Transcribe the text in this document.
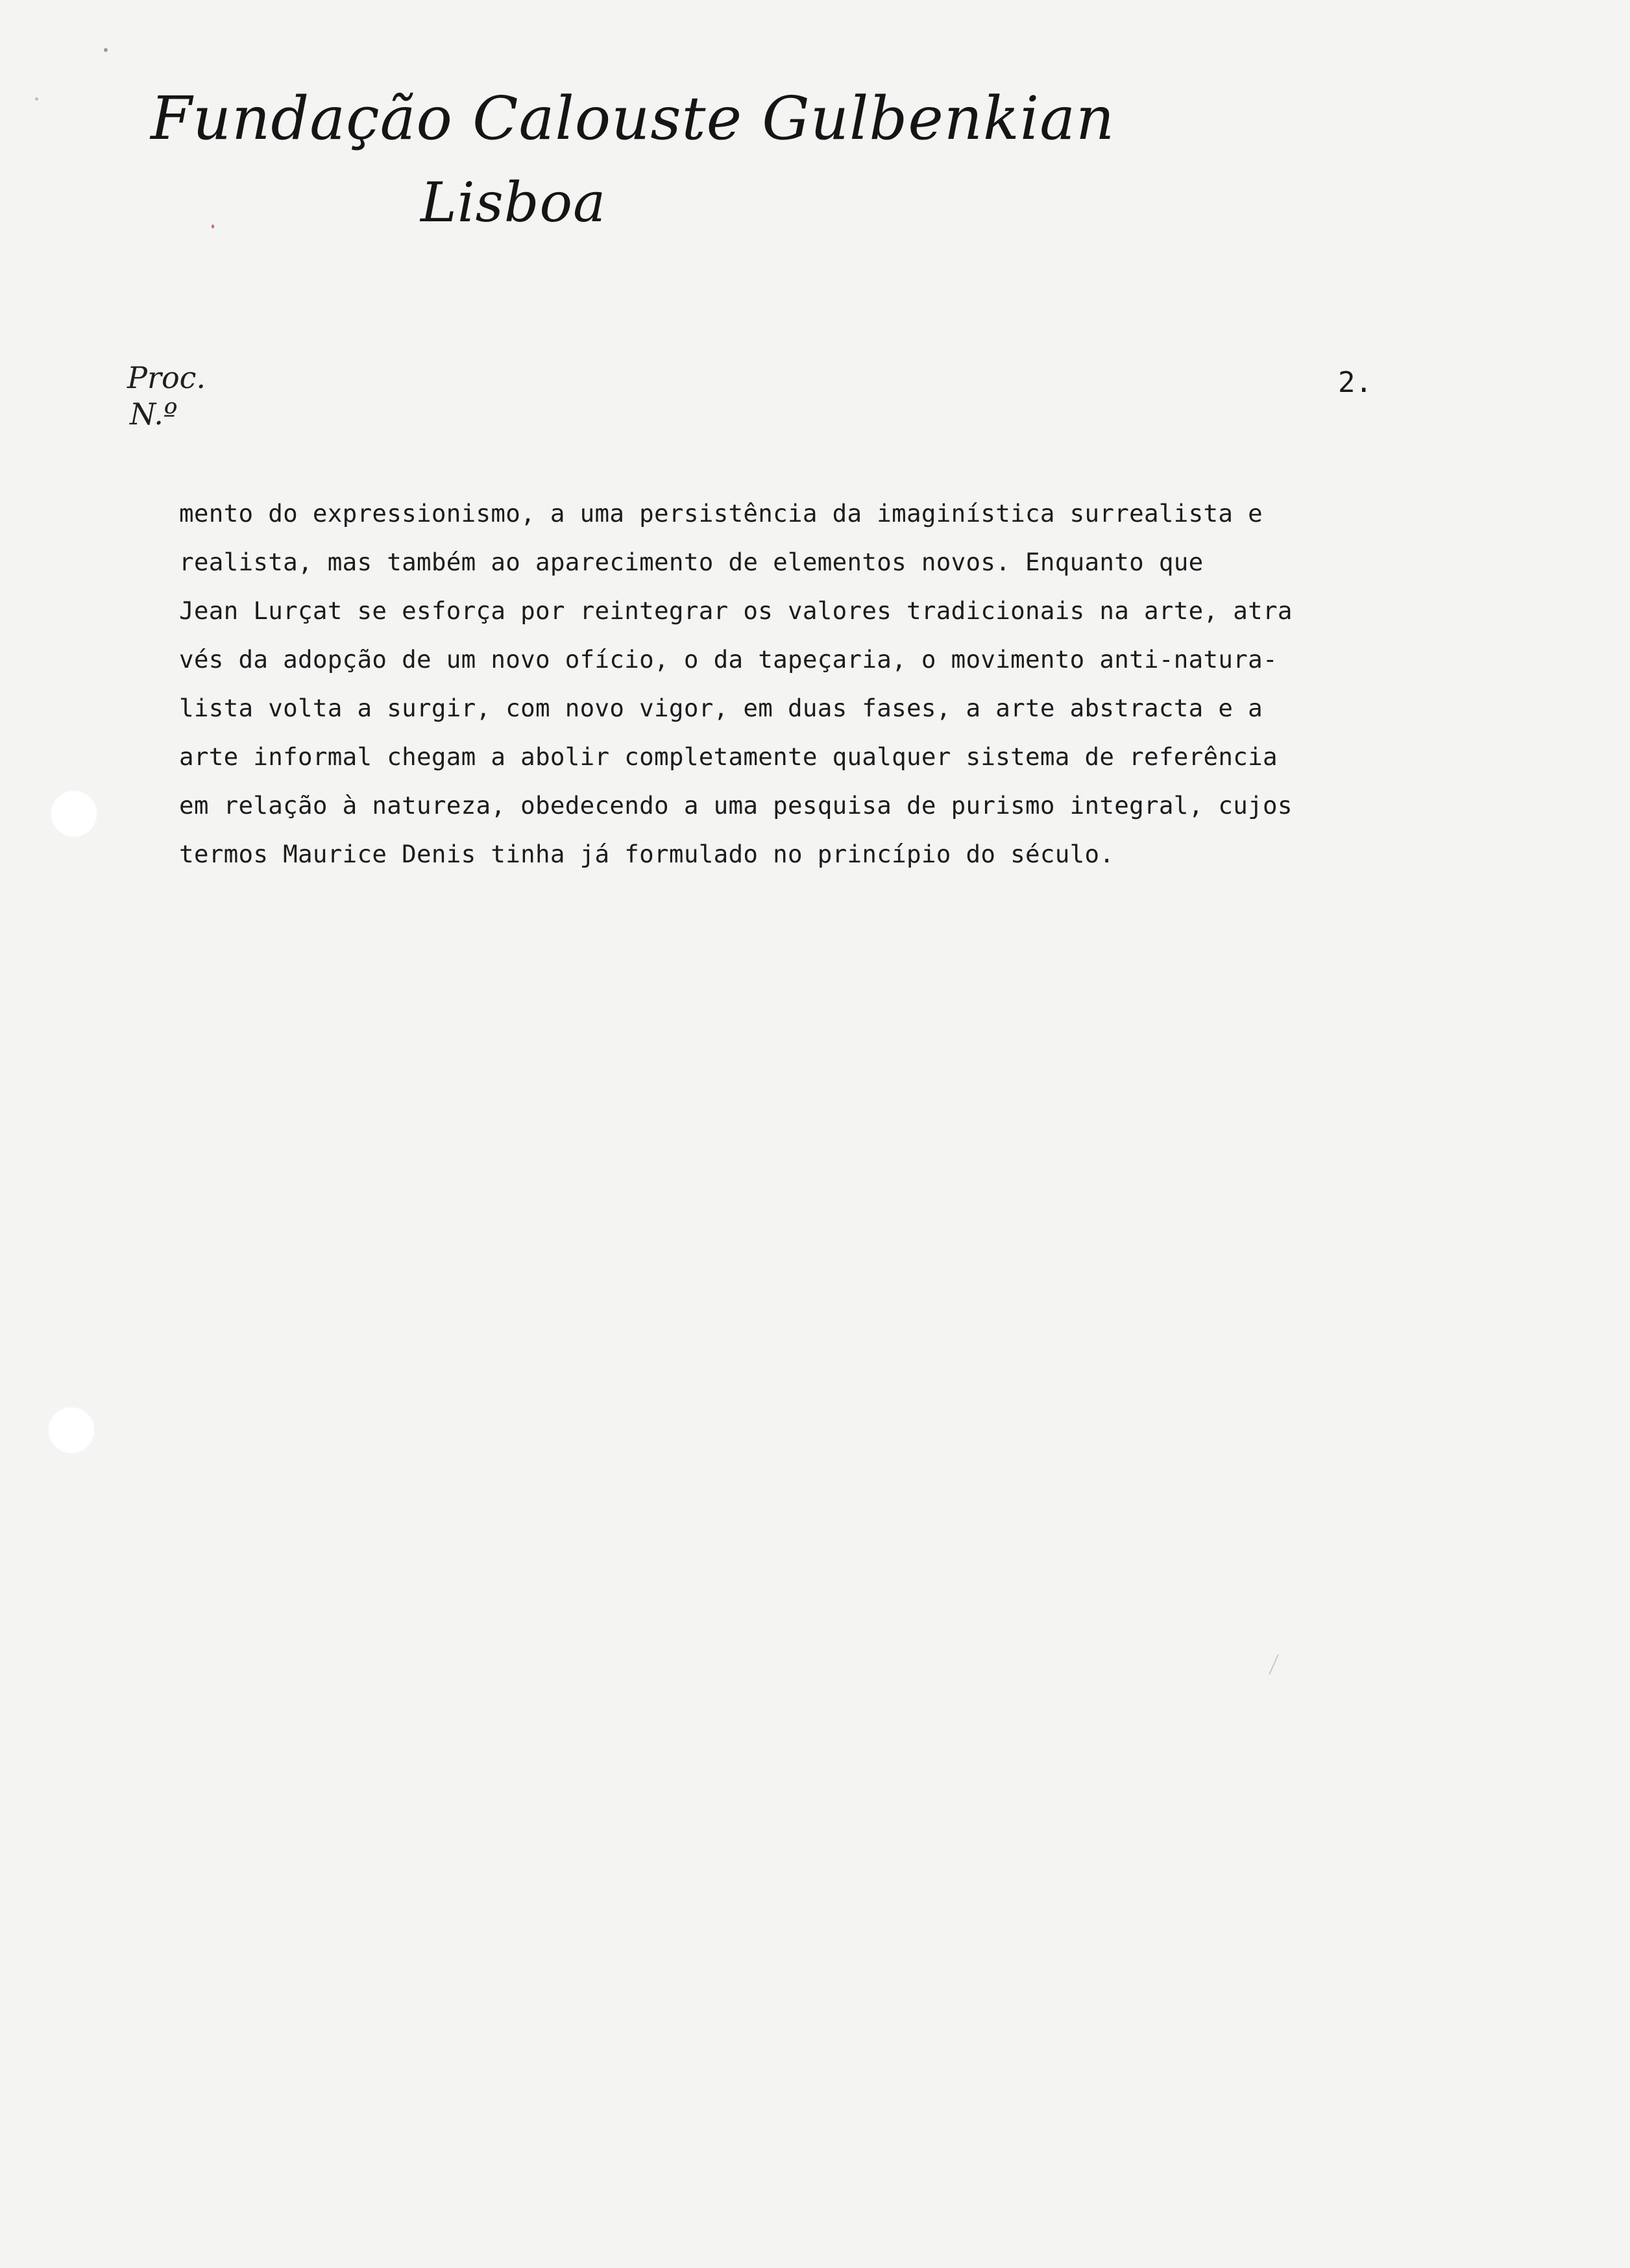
Fundação Calouste Gulbenkian
Lisboa
Proc.
N.º
2.
mento do expressionismo, a uma persistência da imaginística surrealista e
realista, mas também ao aparecimento de elementos novos. Enquanto que
Jean Lurçat se esforça por reintegrar os valores tradicionais na arte, atra
vés da adopção de um novo ofício, o da tapeçaria, o movimento anti-natura-
lista volta a surgir, com novo vigor, em duas fases, a arte abstracta e a
arte informal chegam a abolir completamente qualquer sistema de referência
em relação à natureza, obedecendo a uma pesquisa de purismo integral, cujos
termos Maurice Denis tinha já formulado no princípio do século.
